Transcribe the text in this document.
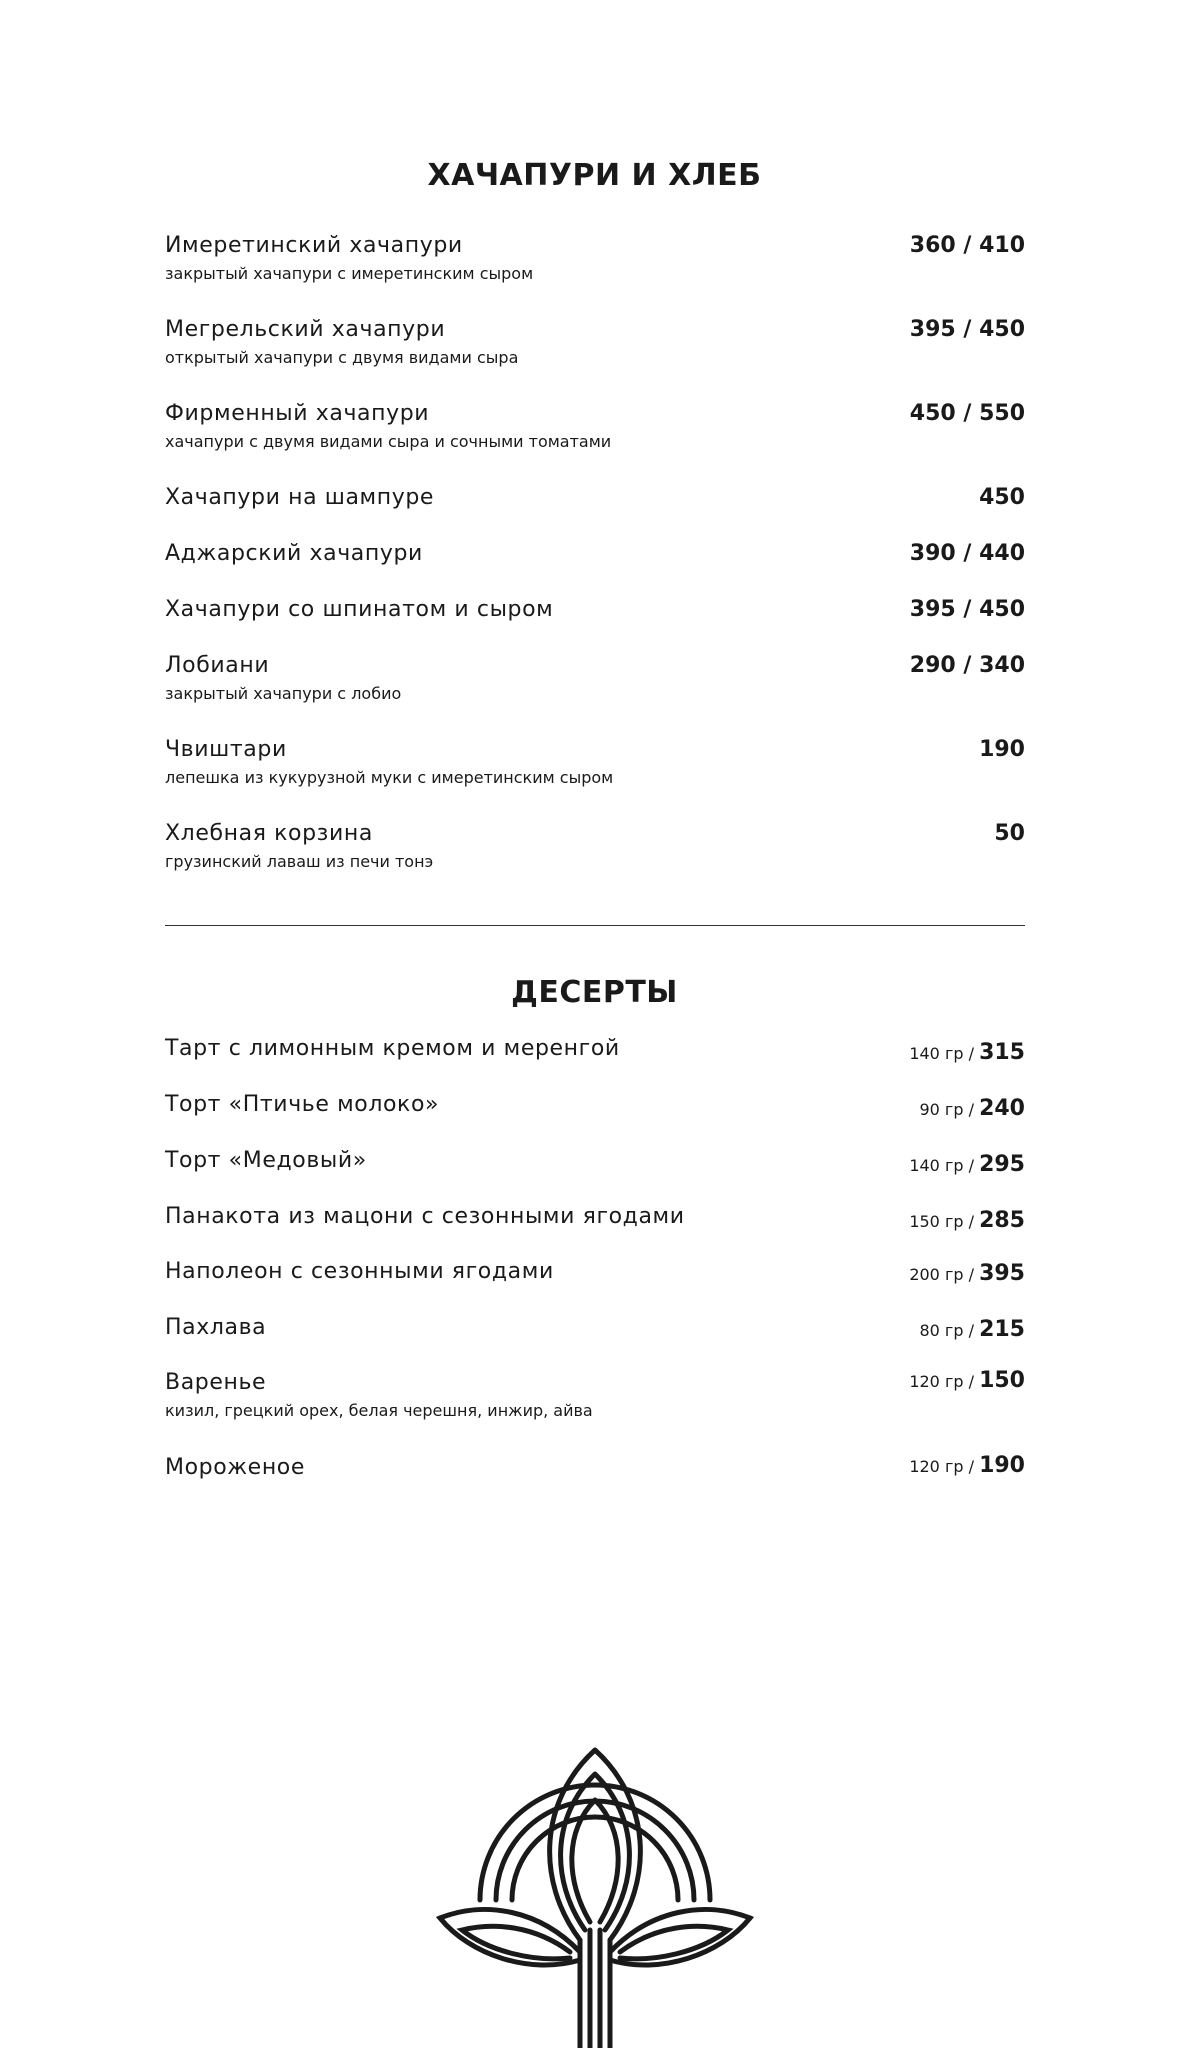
ХАЧАПУРИ И ХЛЕБ
Имеретинский хачапури
закрытый хачапури с имеретинским сыром
360 / 410
Мегрельский хачапури
открытый хачапури с двумя видами сыра
395 / 450
Фирменный хачапури
хачапури с двумя видами сыра и сочными томатами
450 / 550
Хачапури на шампуре	450
Аджарский хачапури	390 / 440
Хачапури со шпинатом и сыром	395 / 450
Лобиани
закрытый хачапури с лобио
290 / 340
Чвиштари
лепешка из кукурузной муки с имеретинским сыром
190
Хлебная корзина
грузинский лаваш из печи тонэ
50
ДЕСЕРТЫ
Тарт с лимонным кремом и меренгой	140 гр / 315
Торт «Птичье молоко»	90 гр / 240
Торт «Медовый»	140 гр / 295
Панакота из мацони с сезонными ягодами	150 гр / 285
Наполеон с сезонными ягодами	200 гр / 395
Пахлава	80 гр / 215
Варенье
кизил, грецкий орех, белая черешня, инжир, айва
120 гр / 150
Мороженое	120 гр / 190
